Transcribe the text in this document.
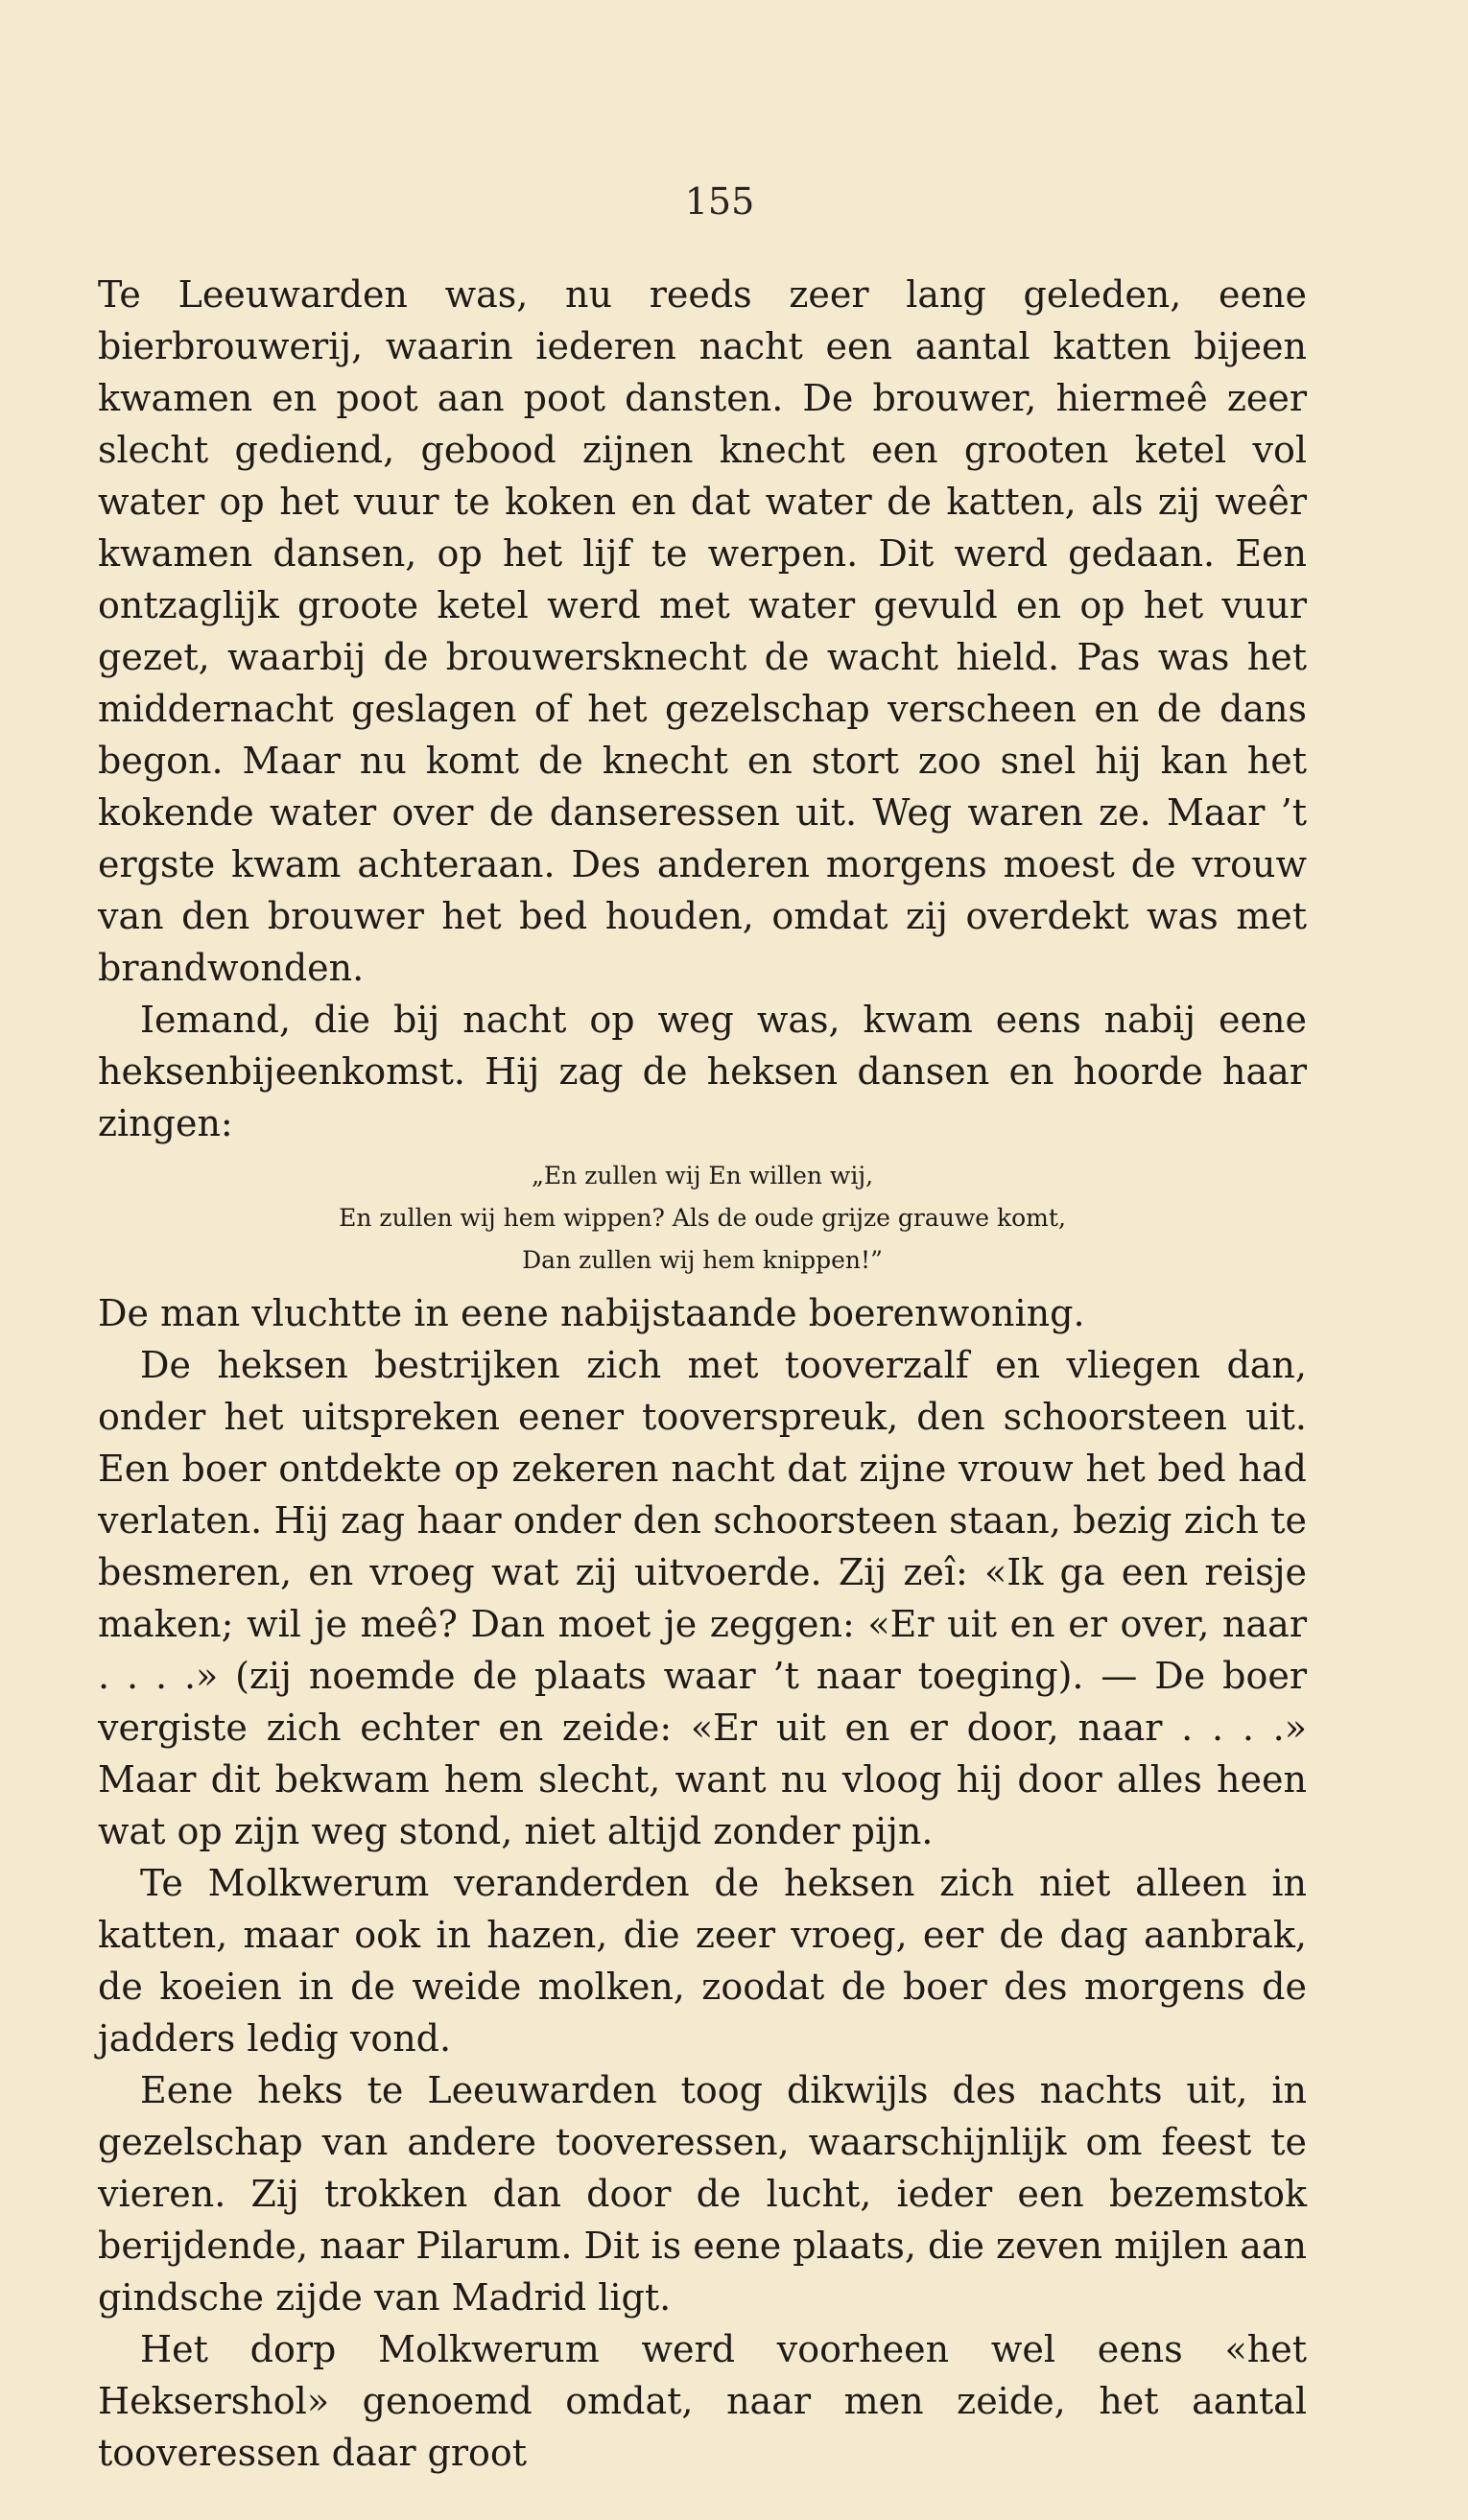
155

Te Leeuwarden was, nu reeds zeer lang geleden, eene bierbrouwerij, waarin iederen nacht een aantal katten bijeen kwamen en poot aan poot dansten. De brouwer, hiermeê zeer slecht gediend, gebood zijnen knecht een grooten ketel vol water op het vuur te koken en dat water de katten, als zij weêr kwamen dansen, op het lijf te werpen. Dit werd gedaan. Een ontzaglijk groote ketel werd met water gevuld en op het vuur gezet, waarbij de brouwersknecht de wacht hield. Pas was het middernacht geslagen of het gezelschap verscheen en de dans begon. Maar nu komt de knecht en stort zoo snel hij kan het kokende water over de danseressen uit. Weg waren ze. Maar ’t ergste kwam achteraan. Des anderen morgens moest de vrouw van den brouwer het bed houden, omdat zij overdekt was met brandwonden.

Iemand, die bij nacht op weg was, kwam eens nabij eene heksenbijeenkomst. Hij zag de heksen dansen en hoorde haar zingen:

„En zullen wij En willen wij,
En zullen wij hem wippen? Als de oude grijze grauwe komt,
Dan zullen wij hem knippen!”

De man vluchtte in eene nabijstaande boerenwoning.

De heksen bestrijken zich met tooverzalf en vliegen dan, onder het uitspreken eener tooverspreuk, den schoorsteen uit. Een boer ontdekte op zekeren nacht dat zijne vrouw het bed had verlaten. Hij zag haar onder den schoorsteen staan, bezig zich te besmeren, en vroeg wat zij uitvoerde. Zij zeî: «Ik ga een reisje maken; wil je meê? Dan moet je zeggen: «Er uit en er over, naar . . . .» (zij noemde de plaats waar ’t naar toeging). — De boer vergiste zich echter en zeide: «Er uit en er door, naar . . . .» Maar dit bekwam hem slecht, want nu vloog hij door alles heen wat op zijn weg stond, niet altijd zonder pijn.

Te Molkwerum veranderden de heksen zich niet alleen in katten, maar ook in hazen, die zeer vroeg, eer de dag aanbrak, de koeien in de weide molken, zoodat de boer des morgens de jadders ledig vond.

Eene heks te Leeuwarden toog dikwijls des nachts uit, in gezelschap van andere tooveressen, waarschijnlijk om feest te vieren. Zij trokken dan door de lucht, ieder een bezemstok berijdende, naar Pilarum. Dit is eene plaats, die zeven mijlen aan gindsche zijde van Madrid ligt.

Het dorp Molkwerum werd voorheen wel eens «het Heksershol» genoemd omdat, naar men zeide, het aantal tooveressen daar groot
